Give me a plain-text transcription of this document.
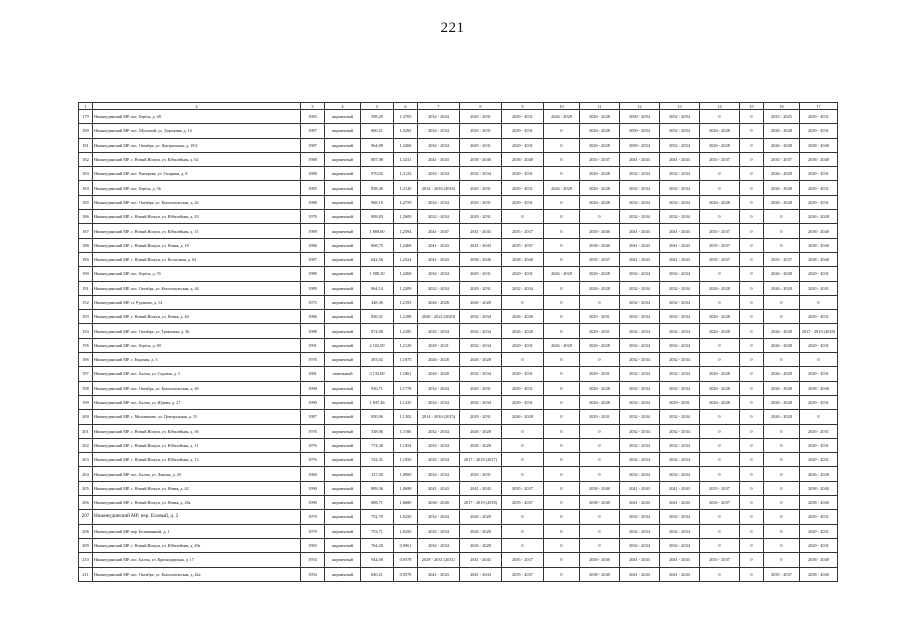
221
1	2	3	4	5	6	7	8	9	10	11	12	13	14	15	16	17
179	Нижнеудинский МР, пос. Берёза, д. 28	1983	кирпичный	598,20	1,3705	2032 - 2034	2029 - 2031	2029 - 2031	2026 - 2028	2026 - 2028	2050 - 2054	2052 - 2054	0	0	2023 - 2025	2029 - 2031
180	Нижнеудинский МР, пос. Шумский, ул. Дорожная, д. 14	1987	кирпичный	860,21	1,3292	2032 - 2034	2029 - 2031	2029 - 2031	0	2026 - 2028	2050 - 2054	2052 - 2054	2026 - 2028	0	2026 - 2028	2029 - 2031
181	Нижнеудинский МР, пос. Октябрь, ул. Центральная, д. 19/2	1987	кирпичный	964,09	1,3260	2032 - 2034	2029 - 2031	2029 - 2031	0	2026 - 2028	2050 - 2054	2052 - 2054	2026 - 2028	0	2026 - 2028	2038 - 2040
182	Нижнеудинский МР, с. Новый Ишхун, ул. Юбилейная, д. 62	1988	кирпичный	887,08	1,3231	2041 - 2043	2038 - 2040	2038 - 2040	0	2035 - 2037	2041 - 2043	2041 - 2043	2035 - 2037	0	2035 - 2037	2038 - 2040
183	Нижнеудинский МР, пос. Вихорева, ул. Гагарина, д. 8	1988	кирпичный	970,02	1,3122	2032 - 2034	2032 - 2034	2029 - 2031	0	2026 - 2028	2032 - 2034	2032 - 2034	0	0	2026 - 2028	2029 - 2031
184	Нижнеудинский МР, пос. Берёза, д. 56	1985	кирпичный	858,40	1,3120	2014 - 2016 (2016)	2029 - 2031	2029 - 2031	2026 - 2028	2026 - 2028	2032 - 2034	2032 - 2034	0	0	2026 - 2028	2029 - 2031
185	Нижнеудинский МР, пос. Октябрь, ул. Комсомольская, д. 42	1988	кирпичный	968,10	1,2759	2032 - 2034	2029 - 2031	2029 - 2031	0	2026 - 2028	2032 - 2034	2032 - 2034	2026 - 2028	0	2026 - 2028	2029 - 2031
186	Нижнеудинский МР, с. Новый Ишхун, ул. Юбилейная, д. 29	1979	кирпичный	908,83	1,2600	2032 - 2034	2029 - 2031	0	0	0	2032 - 2034	2032 - 2034	0	0	0	2026 - 2028
187	Нижнеудинский МР, с. Новый Ишхун, ул. Юбилейная, д. 15	1989	кирпичный	1 868,60	1,2594	2041 - 2047	2041 - 2043	2035 - 2037	0	2038 - 2040	2041 - 2043	2041 - 2043	2035 - 2037	0	0	2038 - 2040
188	Нижнеудинский МР, с. Новый Ишхун, ул. Новая, д. 18	1986	кирпичный	868,75	1,2469	2041 - 2043	2041 - 2043	2035 - 2037	0	2038 - 2040	2041 - 2043	2041 - 2043	2035 - 2037	0	0	2038 - 2040
189	Нижнеудинский МР, с. Новый Ишхун, ул. Колхозная, д. 63	1987	кирпичный	642,56	1,2324	2041 - 2043	2038 - 2040	2038 - 2040	0	2035 - 2037	2041 - 2043	2041 - 2043	2035 - 2037	0	2035 - 2037	2038 - 2040
190	Нижнеудинский МР, пос. Берёза, д. 55	1989	кирпичный	1 588,30	1,2269	2032 - 2034	2029 - 2031	2029 - 2031	2026 - 2028	2026 - 2028	2032 - 2034	2032 - 2034	0	0	2026 - 2028	2029 - 2031
191	Нижнеудинский МР, пос. Октябрь, ул. Комсомольская, д. 44	1989	кирпичный	964,14	1,2209	2032 - 2034	2029 - 2031	2032 - 2034	0	2026 - 2028	2032 - 2034	2032 - 2034	2026 - 2028	0	2026 - 2028	2029 - 2031
192	Нижнеудинский МР, ст. Рудаково, д. 14	1975	кирпичный	348,30	1,2193	2026 - 2028	2026 - 2028	0	0	0	2032 - 2034	2032 - 2034	0	0	0	0
193	Нижнеудинский МР, с. Новый Ишхун, ул. Новая, д. 40	1986	кирпичный	856,31	1,2188	2020 - 2022 (2020)	2032 - 2034	2026 - 2028	0	2029 - 2031	2032 - 2034	2032 - 2034	2026 - 2028	0	0	2029 - 2031
194	Нижнеудинский МР, пос. Октябрь, ул. Трактовая, д. 36	1988	кирпичный	874,08	1,2185	2032 - 2034	2032 - 2034	2026 - 2028	0	2029 - 2031	2032 - 2034	2032 - 2034	2026 - 2028	0	2026 - 2028	2017 - 2019 (2018)
195	Нижнеудинский МР, пос. Берёза, д. 80	1991	кирпичный	2 102,90	1,2129	2029 - 2031	2032 - 2034	2029 - 2031	2026 - 2028	2026 - 2028	2032 - 2034	2032 - 2034	0	0	2026 - 2028	2029 - 2031
196	Нижнеудинский МР, с. Евдокия, д. 3	1976	кирпичный	493,02	1,1875	2026 - 2028	2026 - 2028	0	0	0	2032 - 2034	2032 - 2034	0	0	0	0
197	Нижнеудинский МР, пос. Балзы, ул. Садовая, д. 5	1981	панельный	3 133,00	1,1861	2026 - 2028	2032 - 2034	2029 - 2031	0	2029 - 2031	2032 - 2034	2032 - 2034	2026 - 2028	0	2026 - 2028	2029 - 2031
198	Нижнеудинский МР, пос. Октябрь, ул. Комсомольская, д. 40	1990	кирпичный	936,71	1,1778	2032 - 2034	2029 - 2031	2029 - 2031	0	2026 - 2028	2032 - 2034	2032 - 2034	2026 - 2028	0	2026 - 2028	2038 - 2040
199	Нижнеудинский МР, пос. Балзы, ул. Юдина, д. 27	1990	кирпичный	1 847,26	1,1225	2032 - 2034	2032 - 2034	2029 - 2031	0	2026 - 2028	2032 - 2034	2029 - 2031	2026 - 2028	0	2026 - 2028	2029 - 2031
200	Нижнеудинский МР, с. Мельниково, ул. Центральная, д. 15	1987	кирпичный	850,96	1,1202	2014 - 2016 (2015)	2029 - 2031	2026 - 2028	0	2029 - 2031	2032 - 2034	2032 - 2034	0	0	2026 - 2028	0
201	Нижнеудинский МР, с. Новый Ишхун, ул. Юбилейная, д. 36	1976	кирпичный	338,06	1,1100	2032 - 2034	2026 - 2028	0	0	0	2032 - 2034	2032 - 2034	0	0	0	2029 - 2031
202	Нижнеудинский МР, с. Новый Ишхун, ул. Юбилейная, д. 31	1976	кирпичный	774,38	1,1054	2032 - 2034	2026 - 2028	0	0	0	2032 - 2034	2032 - 2034	0	0	0	2029 - 2031
203	Нижнеудинский МР, с. Новый Ишхун, ул. Юбилейная, д. 13	1976	кирпичный	722,31	1,1050	2032 - 2034	2017 - 2019 (2017)	0	0	0	2032 - 2034	2032 - 2034	0	0	0	2029 - 2031
204	Нижнеудинский МР, пос. Балзы, ул. Ленина, д. 29	1984	кирпичный	127,00	1,0900	2032 - 2034	2029 - 2031	0	0	0	2032 - 2034	2032 - 2034	0	0	0	2026 - 2028
205	Нижнеудинский МР, с. Новый Ишхун, ул. Новая, д. 42	1990	кирпичный	889,56	1,0698	2041 - 2043	2041 - 2043	2035 - 2037	0	2038 - 2040	2041 - 2043	2041 - 2043	2035 - 2037	0	0	2038 - 2040
206	Нижнеудинский МР, с. Новый Ишхун, ул. Новая, д. 28а	1990	кирпичный	888,71	1,0680	2038 - 2040	2017 - 2019 (2018)	2035 - 2037	0	2038 - 2040	2041 - 2043	2041 - 2043	2035 - 2037	0	0	2038 - 2040
207	Нижнеудинский МР, пер. Еловый, д. 2	1979	кирпичный	752,70	1,0250	2032 - 2034	2026 - 2028	0	0	0	2032 - 2034	2032 - 2034	0	0	0	2029 - 2031
208	Нижнеудинский МР, пер. Безымянный, д. 1	1979	кирпичный	753,71	1,0250	2032 - 2034	2026 - 2028	0	0	0	2032 - 2034	2032 - 2034	0	0	0	2029 - 2031
209	Нижнеудинский МР, с. Новый Ишхун, ул. Юбилейная, д. 29а	1983	кирпичный	764,30	0,9961	2032 - 2034	2026 - 2028	0	0	0	2032 - 2034	2032 - 2034	0	0	0	2029 - 2031
210	Нижнеудинский МР, пос. Балзы, ул. Краснодарская, д. 17	1954	кирпичный	944,00	0,9578	2029 - 2031 (2031)	2041 - 2043	2035 - 2037	0	2038 - 2040	2041 - 2043	2041 - 2043	2035 - 2037	0	0	2038 - 2040
211	Нижнеудинский МР, пос. Октябрь, ул. Комсомольская, д. 42а	1954	кирпичный	840,21	0,9578	2041 - 2043	2041 - 2043	2035 - 2037	0	2038 - 2040	2041 - 2043	2041 - 2043	0	0	2035 - 2037	2038 - 2040
